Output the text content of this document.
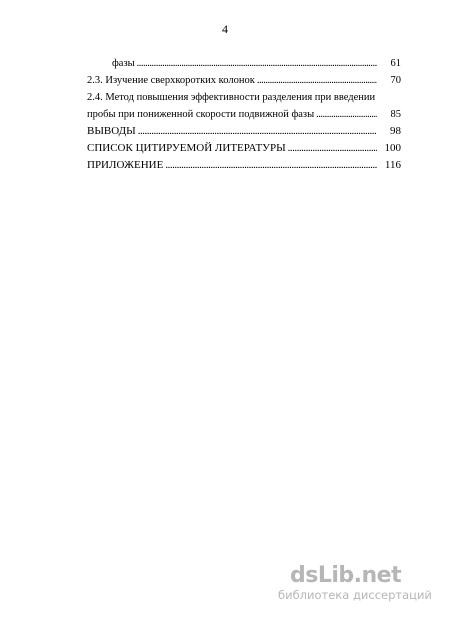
4
фазы .....	61
2.3. Изучение сверхкоротких колонок .....	70
2.4. Метод повышения эффективности разделения при введении
пробы при пониженной скорости подвижной фазы .....	85
ВЫВОДЫ .....	98
СПИСОК ЦИТИРУЕМОЙ ЛИТЕРАТУРЫ .....	100
ПРИЛОЖЕНИЕ .....	116
dsLib.net
библиотека диссертаций
